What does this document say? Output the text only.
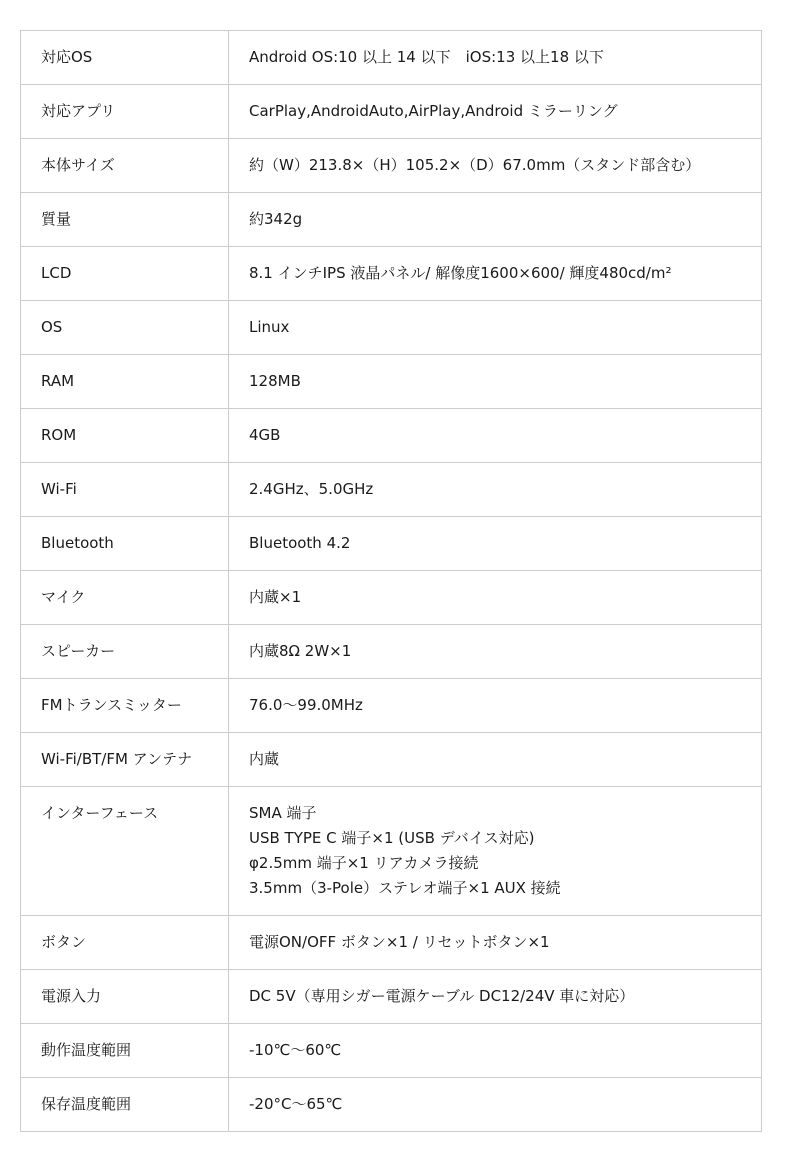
対応OS	Android OS:10 以上 14 以下　iOS:13 以上18 以下

対応アプリ	CarPlay,AndroidAuto,AirPlay,Android ミラーリング

本体サイズ	約（W）213.8×（H）105.2×（D）67.0mm（スタンド部含む）

質量	約342g

LCD	8.1 インチIPS 液晶パネル/ 解像度1600×600/ 輝度480cd/m²

OS	Linux

RAM	128MB

ROM	4GB

Wi-Fi	2.4GHz、5.0GHz

Bluetooth	Bluetooth 4.2

マイク	内蔵×1

スピーカー	内蔵8Ω 2W×1

FMトランスミッター	76.0〜99.0MHz

Wi-Fi/BT/FM アンテナ	内蔵

インターフェース	SMA 端子
USB TYPE C 端子×1 (USB デバイス対応)
φ2.5mm 端子×1 リアカメラ接続
3.5mm（3-Pole）ステレオ端子×1 AUX 接続

ボタン	電源ON/OFF ボタン×1 / リセットボタン×1

電源入力	DC 5V（専用シガー電源ケーブル DC12/24V 車に対応）

動作温度範囲	-10℃〜60℃

保存温度範囲	-20°C〜65℃
